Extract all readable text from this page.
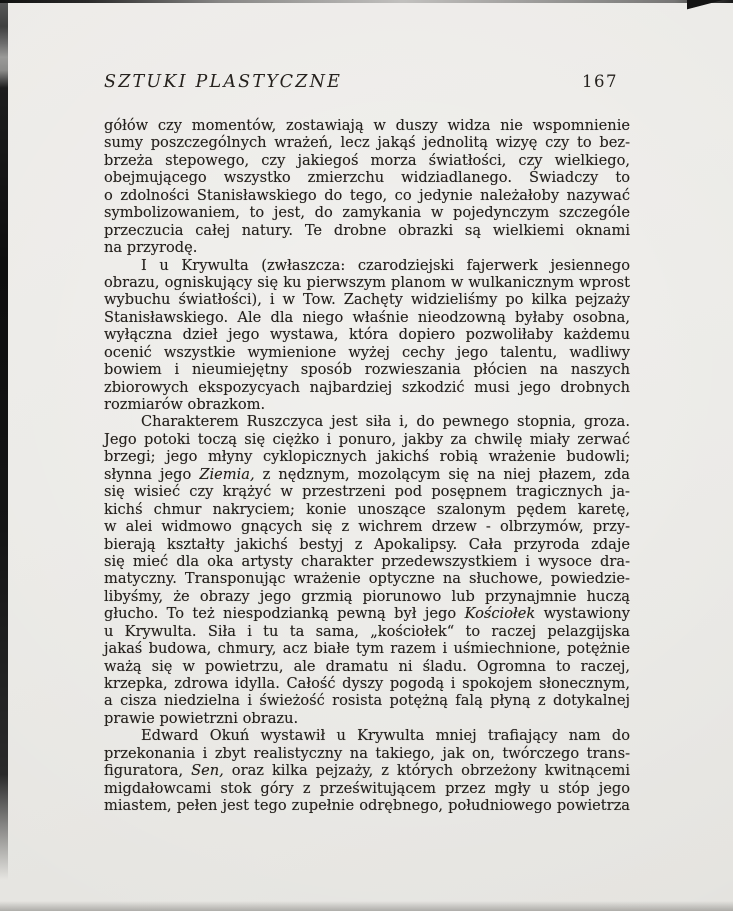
SZTUKI PLASTYCZNE	167
gółów czy momentów, zostawiają w duszy widza nie wspomnienie
sumy poszczególnych wrażeń, lecz jakąś jednolitą wizyę czy to bez-
brzeża stepowego, czy jakiegoś morza światłości, czy wielkiego,
obejmującego wszystko zmierzchu widziadlanego. Świadczy to
o zdolności Stanisławskiego do tego, co jedynie należałoby nazywać
symbolizowaniem, to jest, do zamykania w pojedynczym szczególe
przeczucia całej natury. Te drobne obrazki są wielkiemi oknami
na przyrodę.
I u Krywulta (zwłaszcza: czarodziejski fajerwerk jesiennego
obrazu, ogniskujący się ku pierwszym planom w wulkanicznym wprost
wybuchu światłości), i w Tow. Zachęty widzieliśmy po kilka pejzaży
Stanisławskiego. Ale dla niego właśnie nieodzowną byłaby osobna,
wyłączna dzieł jego wystawa, która dopiero pozwoliłaby każdemu
ocenić wszystkie wymienione wyżej cechy jego talentu, wadliwy
bowiem i nieumiejętny sposób rozwieszania płócien na naszych
zbiorowych ekspozycyach najbardziej szkodzić musi jego drobnych
rozmiarów obrazkom.
Charakterem Ruszczyca jest siła i, do pewnego stopnia, groza.
Jego potoki toczą się ciężko i ponuro, jakby za chwilę miały zerwać
brzegi; jego młyny cyklopicznych jakichś robią wrażenie budowli;
słynna jego Ziemia, z nędznym, mozolącym się na niej płazem, zda
się wisieć czy krążyć w przestrzeni pod posępnem tragicznych ja-
kichś chmur nakryciem; konie unoszące szalonym pędem karetę,
w alei widmowo gnących się z wichrem drzew - olbrzymów, przy-
bierają kształty jakichś bestyj z Apokalipsy. Cała przyroda zdaje
się mieć dla oka artysty charakter przedewszystkiem i wysoce dra-
matyczny. Transponując wrażenie optyczne na słuchowe, powiedzie-
libyśmy, że obrazy jego grzmią piorunowo lub przynajmnie huczą
głucho. To też niespodzianką pewną był jego Kościołek wystawiony
u Krywulta. Siła i tu ta sama, „kościołek“ to raczej pelazgijska
jakaś budowa, chmury, acz białe tym razem i uśmiechnione, potężnie
ważą się w powietrzu, ale dramatu ni śladu. Ogromna to raczej,
krzepka, zdrowa idylla. Całość dyszy pogodą i spokojem słonecznym,
a cisza niedzielna i świeżość rosista potężną falą płyną z dotykalnej
prawie powietrzni obrazu.
Edward Okuń wystawił u Krywulta mniej trafiający nam do
przekonania i zbyt realistyczny na takiego, jak on, twórczego trans-
figuratora, Sen, oraz kilka pejzaży, z których obrzeżony kwitnącemi
migdałowcami stok góry z prześwitującem przez mgły u stóp jego
miastem, pełen jest tego zupełnie odrębnego, południowego powietrza
